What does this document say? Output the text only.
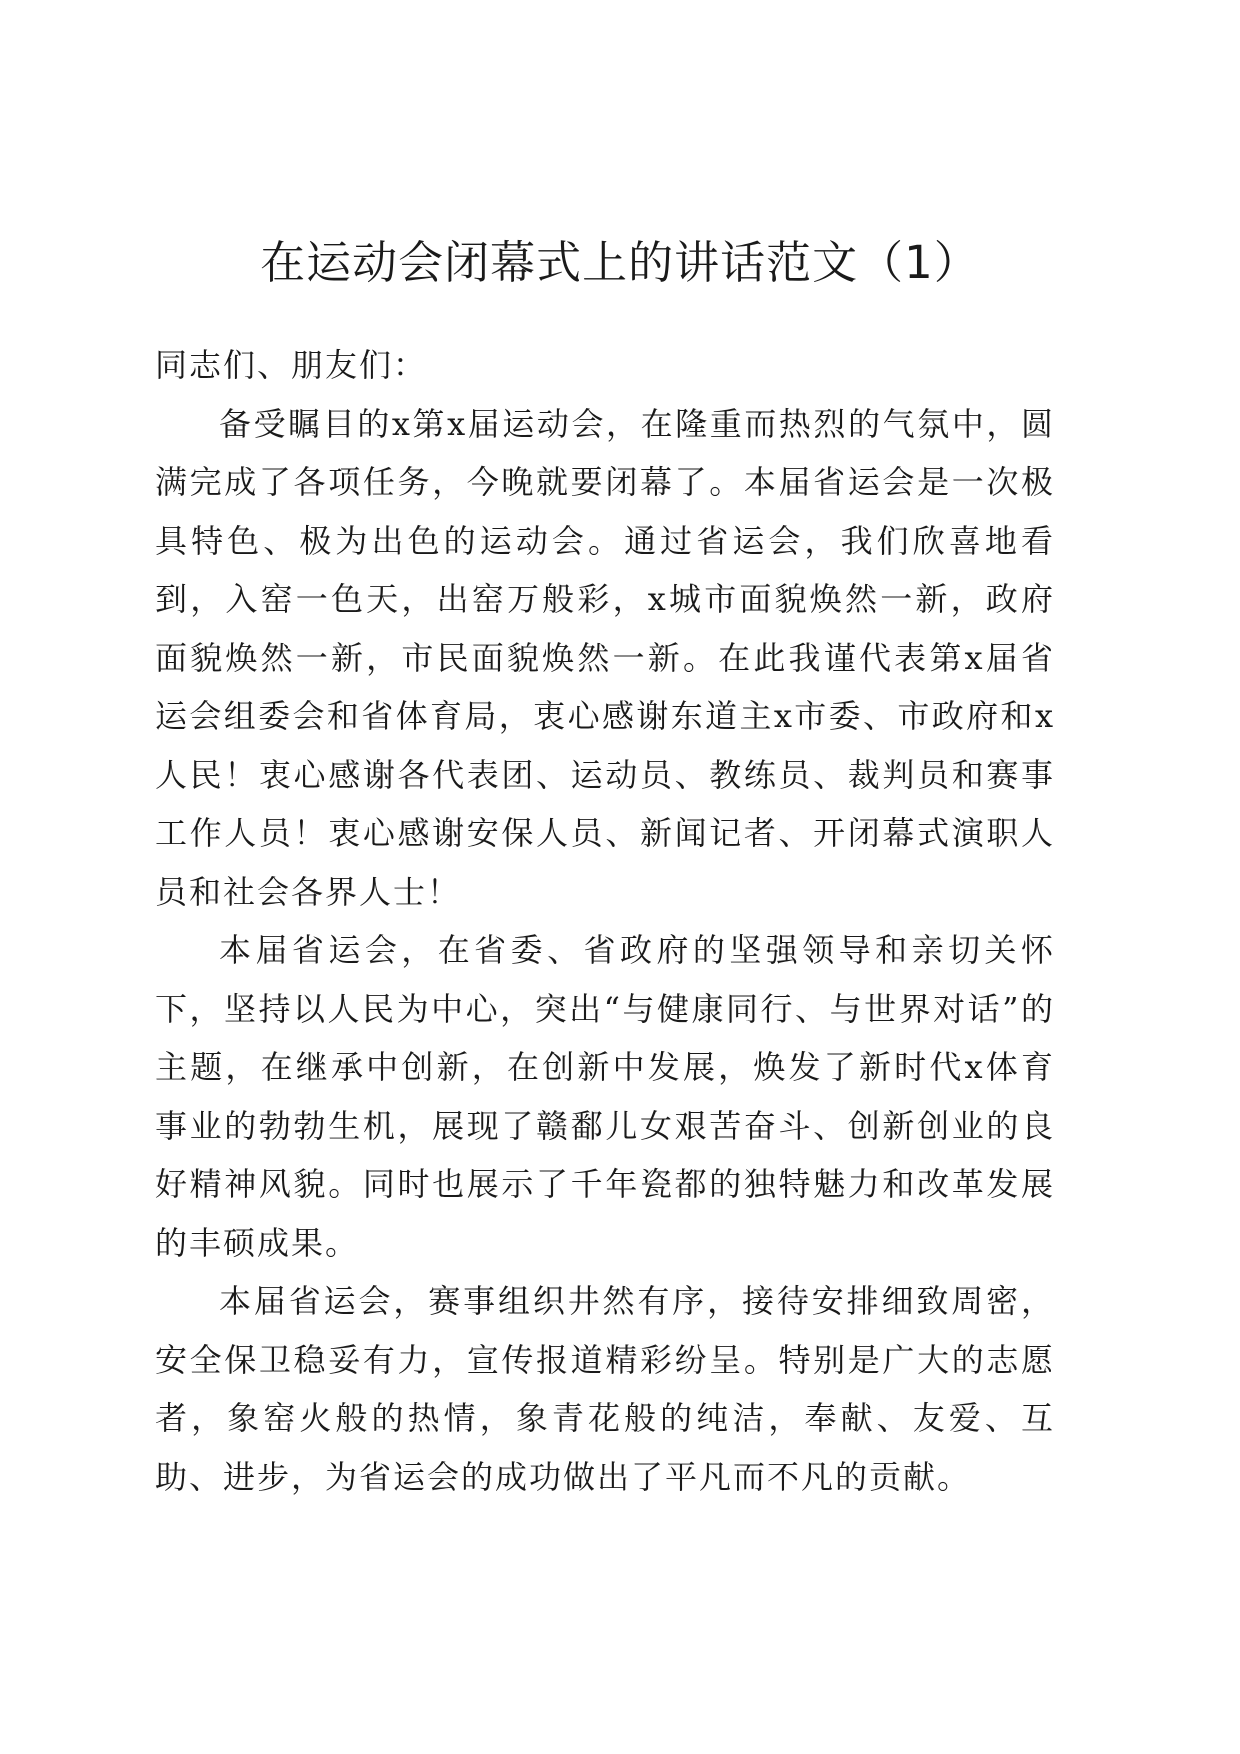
在运动会闭幕式上的讲话范文（1）

同志们、朋友们：

备受瞩目的x第x届运动会，在隆重而热烈的气氛中，圆满完成了各项任务，今晚就要闭幕了。本届省运会是一次极具特色、极为出色的运动会。通过省运会，我们欣喜地看到，入窑一色天，出窑万般彩，x城市面貌焕然一新，政府面貌焕然一新，市民面貌焕然一新。在此我谨代表第x届省运会组委会和省体育局，衷心感谢东道主x市委、市政府和x人民！衷心感谢各代表团、运动员、教练员、裁判员和赛事工作人员！衷心感谢安保人员、新闻记者、开闭幕式演职人员和社会各界人士！

本届省运会，在省委、省政府的坚强领导和亲切关怀下，坚持以人民为中心，突出“与健康同行、与世界对话”的主题，在继承中创新，在创新中发展，焕发了新时代x体育事业的勃勃生机，展现了赣鄱儿女艰苦奋斗、创新创业的良好精神风貌。同时也展示了千年瓷都的独特魅力和改革发展的丰硕成果。

本届省运会，赛事组织井然有序，接待安排细致周密，安全保卫稳妥有力，宣传报道精彩纷呈。特别是广大的志愿者，象窑火般的热情，象青花般的纯洁，奉献、友爱、互助、进步，为省运会的成功做出了平凡而不凡的贡献。
